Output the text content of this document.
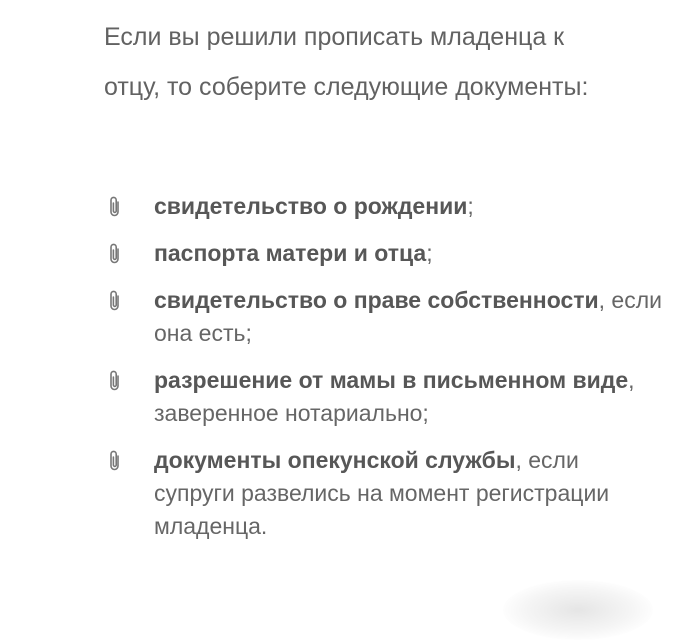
Если вы решили прописать младенца к отцу, то соберите следующие документы:

свидетельство о рождении;
паспорта матери и отца;
свидетельство о праве собственности, если она есть;
разрешение от мамы в письменном виде, заверенное нотариально;
документы опекунской службы, если супруги развелись на момент регистрации младенца.
